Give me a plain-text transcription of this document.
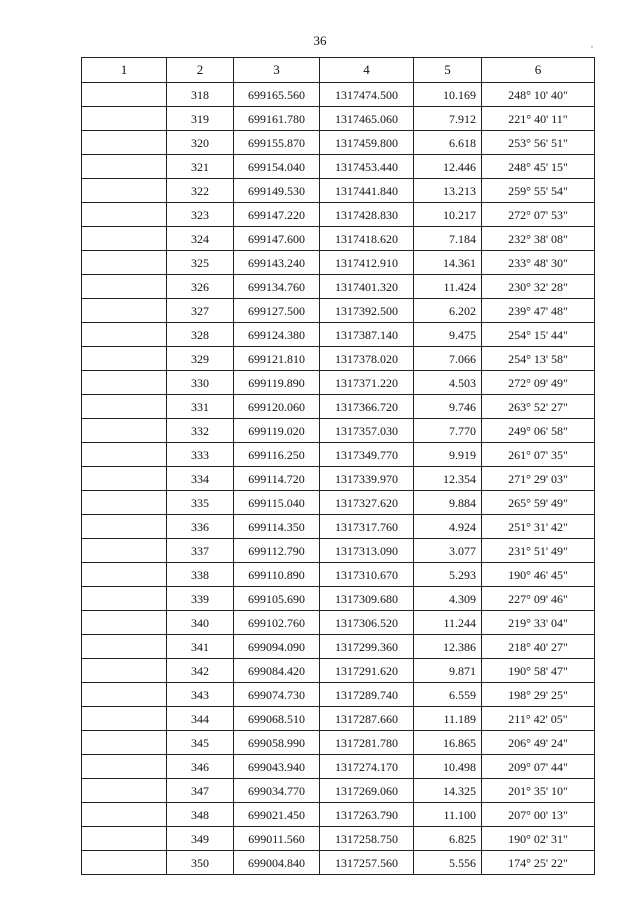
36	,
1	2	3	4	5	6
	318	699165.560	1317474.500	10.169	248° 10' 40"
	319	699161.780	1317465.060	7.912	221° 40' 11"
	320	699155.870	1317459.800	6.618	253° 56' 51"
	321	699154.040	1317453.440	12.446	248° 45' 15"
	322	699149.530	1317441.840	13.213	259° 55' 54"
	323	699147.220	1317428.830	10.217	272° 07' 53"
	324	699147.600	1317418.620	7.184	232° 38' 08"
	325	699143.240	1317412.910	14.361	233° 48' 30"
	326	699134.760	1317401.320	11.424	230° 32' 28"
	327	699127.500	1317392.500	6.202	239° 47' 48"
	328	699124.380	1317387.140	9.475	254° 15' 44"
	329	699121.810	1317378.020	7.066	254° 13' 58"
	330	699119.890	1317371.220	4.503	272° 09' 49"
	331	699120.060	1317366.720	9.746	263° 52' 27"
	332	699119.020	1317357.030	7.770	249° 06' 58"
	333	699116.250	1317349.770	9.919	261° 07' 35"
	334	699114.720	1317339.970	12.354	271° 29' 03"
	335	699115.040	1317327.620	9.884	265° 59' 49"
	336	699114.350	1317317.760	4.924	251° 31' 42"
	337	699112.790	1317313.090	3.077	231° 51' 49"
	338	699110.890	1317310.670	5.293	190° 46' 45"
	339	699105.690	1317309.680	4.309	227° 09' 46"
	340	699102.760	1317306.520	11.244	219° 33' 04"
	341	699094.090	1317299.360	12.386	218° 40' 27"
	342	699084.420	1317291.620	9.871	190° 58' 47"
	343	699074.730	1317289.740	6.559	198° 29' 25"
	344	699068.510	1317287.660	11.189	211° 42' 05"
	345	699058.990	1317281.780	16.865	206° 49' 24"
	346	699043.940	1317274.170	10.498	209° 07' 44"
	347	699034.770	1317269.060	14.325	201° 35' 10"
	348	699021.450	1317263.790	11.100	207° 00' 13"
	349	699011.560	1317258.750	6.825	190° 02' 31"
	350	699004.840	1317257.560	5.556	174° 25' 22"
